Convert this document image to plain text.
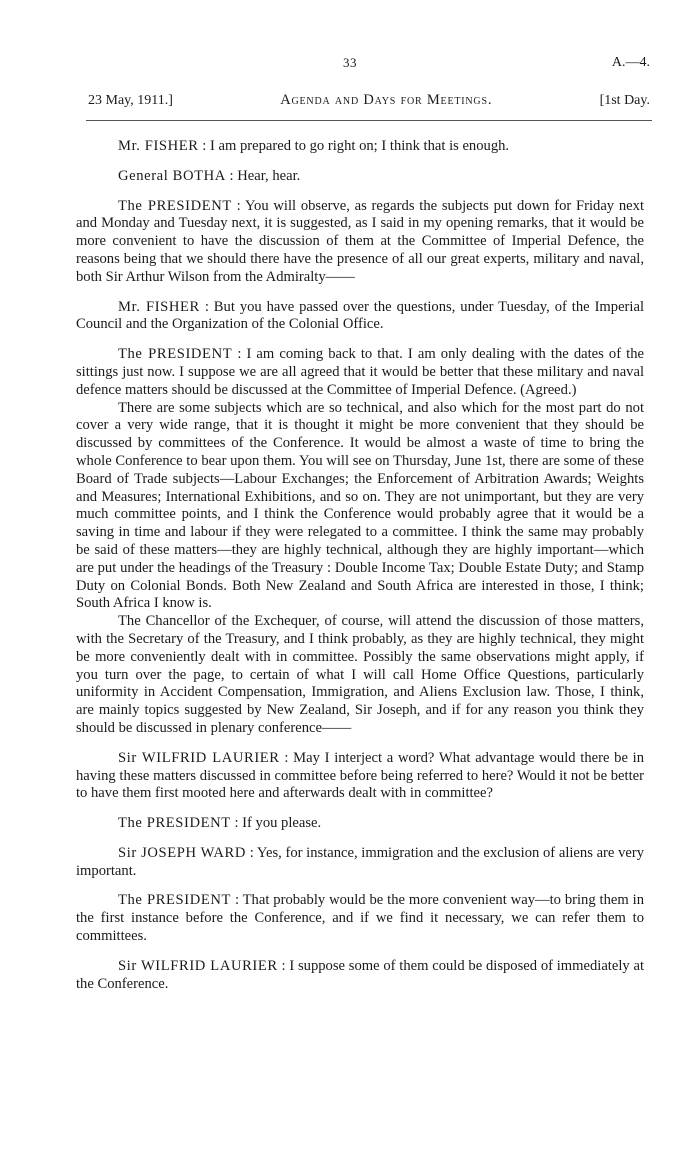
33	A.—4.
23 May, 1911.]	Agenda and Days for Meetings.	[1st Day.

Mr. FISHER : I am prepared to go right on; I think that is enough.

General BOTHA : Hear, hear.

The PRESIDENT : You will observe, as regards the subjects put down for Friday next and Monday and Tuesday next, it is suggested, as I said in my opening remarks, that it would be more convenient to have the discussion of them at the Committee of Imperial Defence, the reasons being that we should there have the presence of all our great experts, military and naval, both Sir Arthur Wilson from the Admiralty——

Mr. FISHER : But you have passed over the questions, under Tuesday, of the Imperial Council and the Organization of the Colonial Office.

The PRESIDENT : I am coming back to that. I am only dealing with the dates of the sittings just now. I suppose we are all agreed that it would be better that these military and naval defence matters should be discussed at the Committee of Imperial Defence. (Agreed.)

There are some subjects which are so technical, and also which for the most part do not cover a very wide range, that it is thought it might be more convenient that they should be discussed by committees of the Conference. It would be almost a waste of time to bring the whole Conference to bear upon them. You will see on Thursday, June 1st, there are some of these Board of Trade subjects—Labour Exchanges; the Enforcement of Arbitration Awards; Weights and Measures; International Exhibitions, and so on. They are not unimportant, but they are very much committee points, and I think the Conference would probably agree that it would be a saving in time and labour if they were relegated to a committee. I think the same may probably be said of these matters—they are highly technical, although they are highly important—which are put under the headings of the Treasury : Double Income Tax; Double Estate Duty; and Stamp Duty on Colonial Bonds. Both New Zealand and South Africa are interested in those, I think; South Africa I know is.

The Chancellor of the Exchequer, of course, will attend the discussion of those matters, with the Secretary of the Treasury, and I think probably, as they are highly technical, they might be more conveniently dealt with in committee. Possibly the same observations might apply, if you turn over the page, to certain of what I will call Home Office Questions, particularly uniformity in Accident Compensation, Immigration, and Aliens Exclusion law. Those, I think, are mainly topics suggested by New Zealand, Sir Joseph, and if for any reason you think they should be discussed in plenary conference——

Sir WILFRID LAURIER : May I interject a word? What advantage would there be in having these matters discussed in committee before being referred to here? Would it not be better to have them first mooted here and afterwards dealt with in committee?

The PRESIDENT : If you please.

Sir JOSEPH WARD : Yes, for instance, immigration and the exclusion of aliens are very important.

The PRESIDENT : That probably would be the more convenient way—to bring them in the first instance before the Conference, and if we find it necessary, we can refer them to committees.

Sir WILFRID LAURIER : I suppose some of them could be disposed of immediately at the Conference.
